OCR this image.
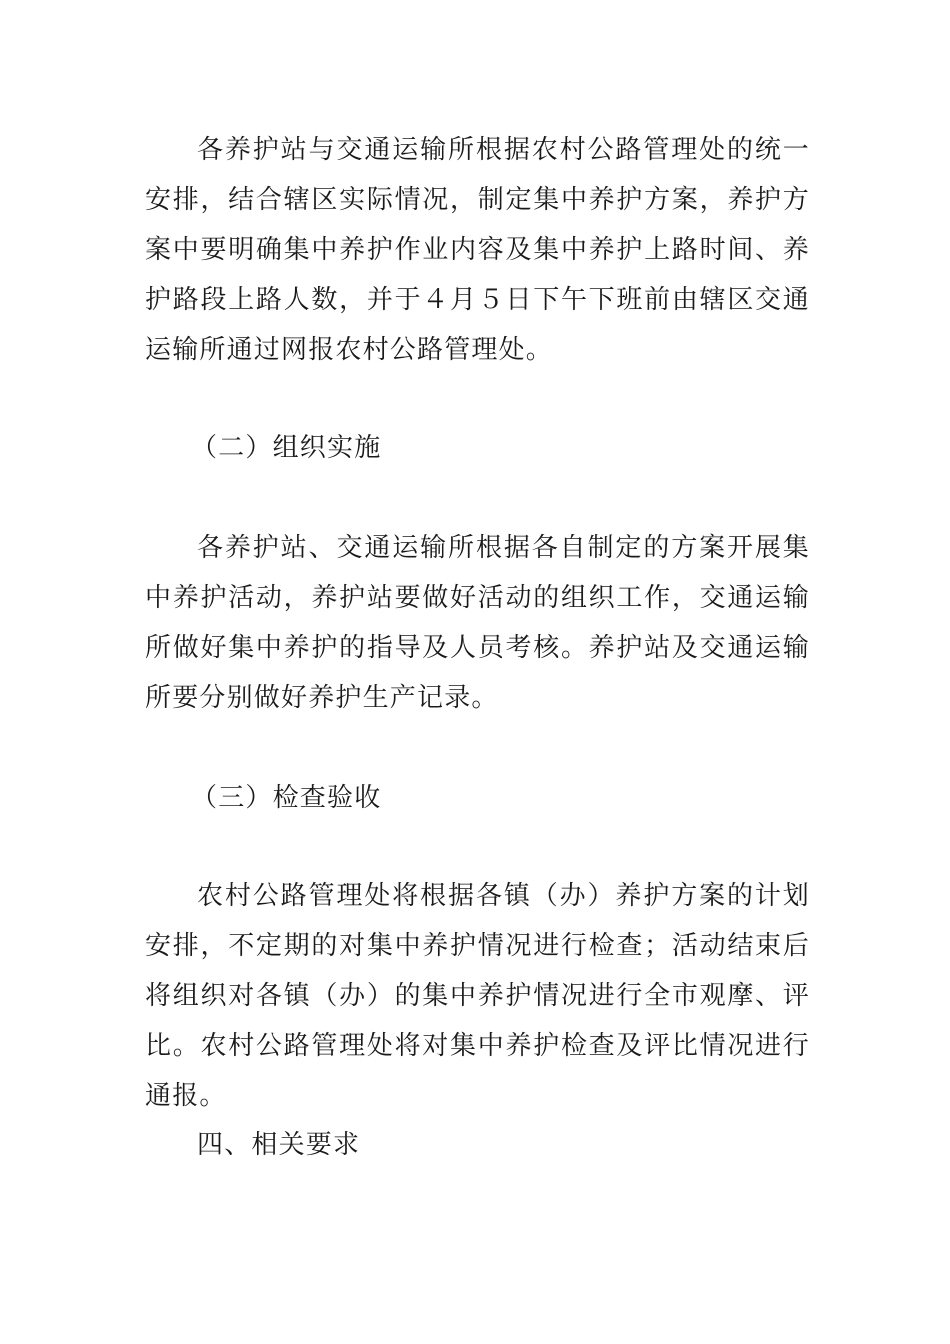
各养护站与交通运输所根据农村公路管理处的统一安排，结合辖区实际情况，制定集中养护方案，养护方案中要明确集中养护作业内容及集中养护上路时间、养护路段上路人数，并于４月５日下午下班前由辖区交通运输所通过网报农村公路管理处。

（二）组织实施

各养护站、交通运输所根据各自制定的方案开展集中养护活动，养护站要做好活动的组织工作，交通运输所做好集中养护的指导及人员考核。养护站及交通运输所要分别做好养护生产记录。

（三）检查验收

农村公路管理处将根据各镇（办）养护方案的计划安排，不定期的对集中养护情况进行检查；活动结束后将组织对各镇（办）的集中养护情况进行全市观摩、评比。农村公路管理处将对集中养护检查及评比情况进行通报。

四、相关要求
